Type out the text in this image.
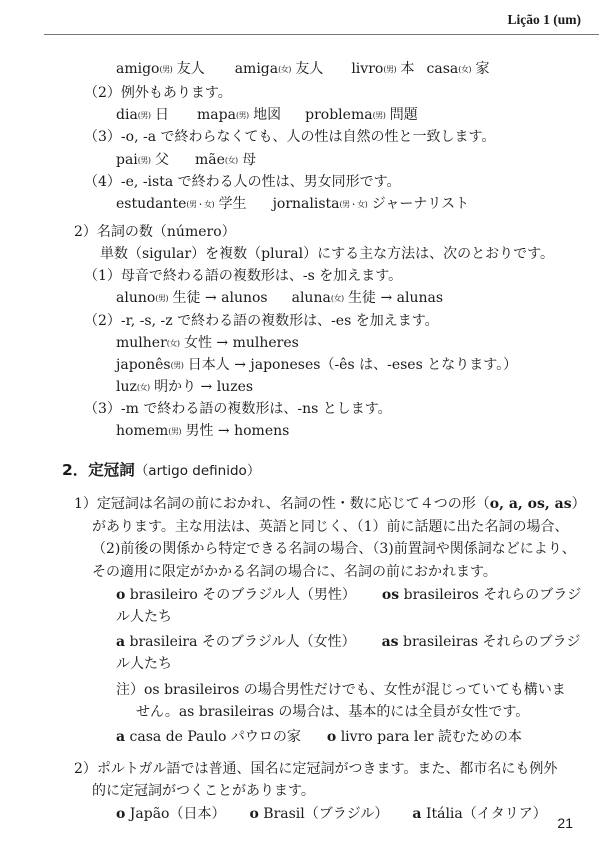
Lição 1 (um)
amigo(男) 友人 amiga(女) 友人 livro(男) 本 casa(女) 家
（2）例外もあります。
dia(男) 日 mapa(男) 地図 problema(男) 問題
（3）-o, -a で終わらなくても、人の性は自然の性と一致します。
pai(男) 父 mãe(女) 母
（4）-e, -ista で終わる人の性は、男女同形です。
estudante(男・女) 学生 jornalista(男・女) ジャーナリスト
2）名詞の数（número）
単数（sigular）を複数（plural）にする主な方法は、次のとおりです。
（1）母音で終わる語の複数形は、-s を加えます。
aluno(男) 生徒 → alunos aluna(女) 生徒 → alunas
（2）-r, -s, -z で終わる語の複数形は、-es を加えます。
mulher(女) 女性 → mulheres
japonês(男) 日本人 → japoneses（-ês は、-eses となります。）
luz(女) 明かり → luzes
（3）-m で終わる語の複数形は、-ns とします。
homem(男) 男性 → homens
2．定冠詞（artigo definido）
1）定冠詞は名詞の前におかれ、名詞の性・数に応じて４つの形（o, a, os, as）
があります。主な用法は、英語と同じく、（1）前に話題に出た名詞の場合、
（2)前後の関係から特定できる名詞の場合、（3)前置詞や関係詞などにより、
その適用に限定がかかる名詞の場合に、名詞の前におかれます。
o brasileiro そのブラジル人（男性） os brasileiros それらのブラジ
ル人たち
a brasileira そのブラジル人（女性） as brasileiras それらのブラジ
ル人たち
注）os brasileiros の場合男性だけでも、女性が混じっていても構いま
せん。as brasileiras の場合は、基本的には全員が女性です。
a casa de Paulo パウロの家 o livro para ler 読むための本
2）ポルトガル語では普通、国名に定冠詞がつきます。また、都市名にも例外
的に定冠詞がつくことがあります。
o Japão（日本） o Brasil（ブラジル） a Itália（イタリア）
21
